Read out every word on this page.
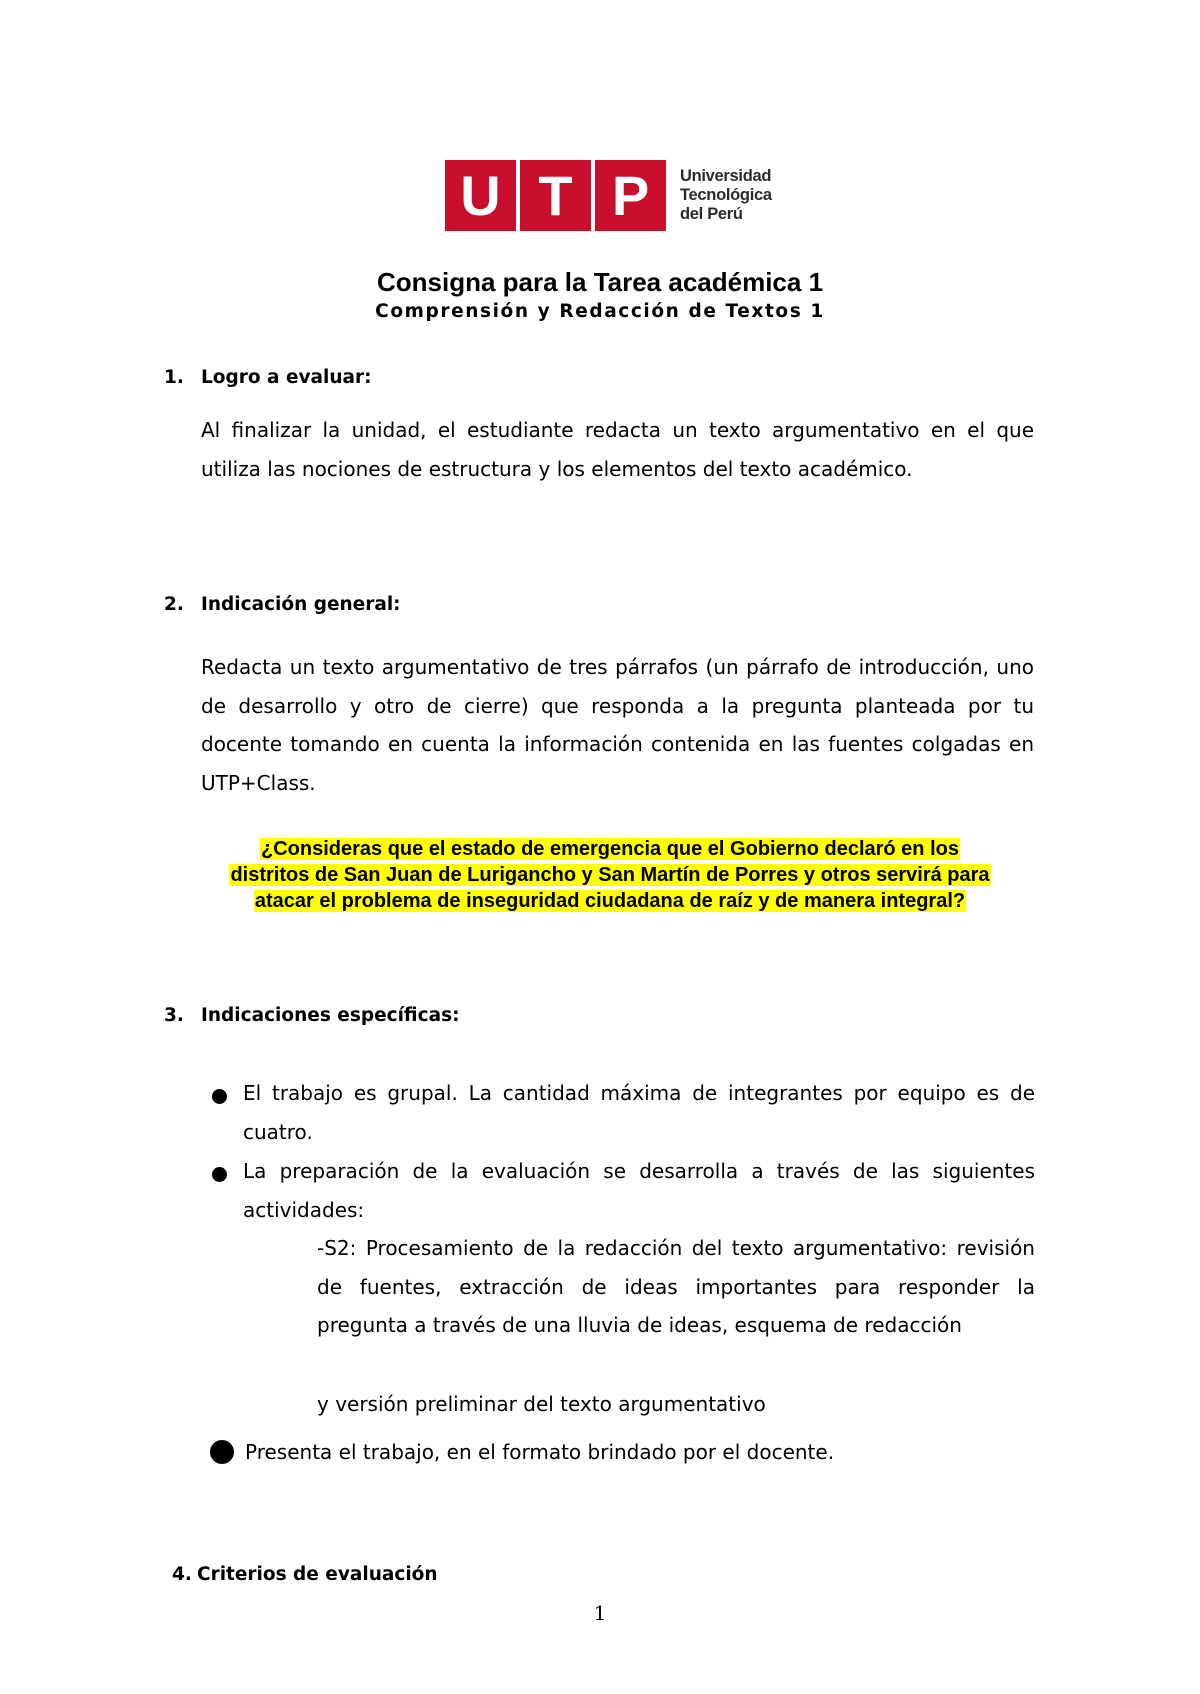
U T P	Universidad
Tecnológica
del Perú
Consigna para la Tarea académica 1
Comprensión y Redacción de Textos 1
1. Logro a evaluar:
Al finalizar la unidad, el estudiante redacta un texto argumentativo en el que utiliza las nociones de estructura y los elementos del texto académico.
2. Indicación general:
Redacta un texto argumentativo de tres párrafos (un párrafo de introducción, uno de desarrollo y otro de cierre) que responda a la pregunta planteada por tu docente tomando en cuenta la información contenida en las fuentes colgadas en UTP+Class.
¿Consideras que el estado de emergencia que el Gobierno declaró en los
distritos de San Juan de Lurigancho y San Martín de Porres y otros servirá para
atacar el problema de inseguridad ciudadana de raíz y de manera integral?
3. Indicaciones específicas:
El trabajo es grupal. La cantidad máxima de integrantes por equipo es de cuatro.
La preparación de la evaluación se desarrolla a través de las siguientes actividades:
-S2: Procesamiento de la redacción del texto argumentativo: revisión de fuentes, extracción de ideas importantes para responder la pregunta a través de una lluvia de ideas, esquema de redacción
y versión preliminar del texto argumentativo
Presenta el trabajo, en el formato brindado por el docente.
4. Criterios de evaluación
1
